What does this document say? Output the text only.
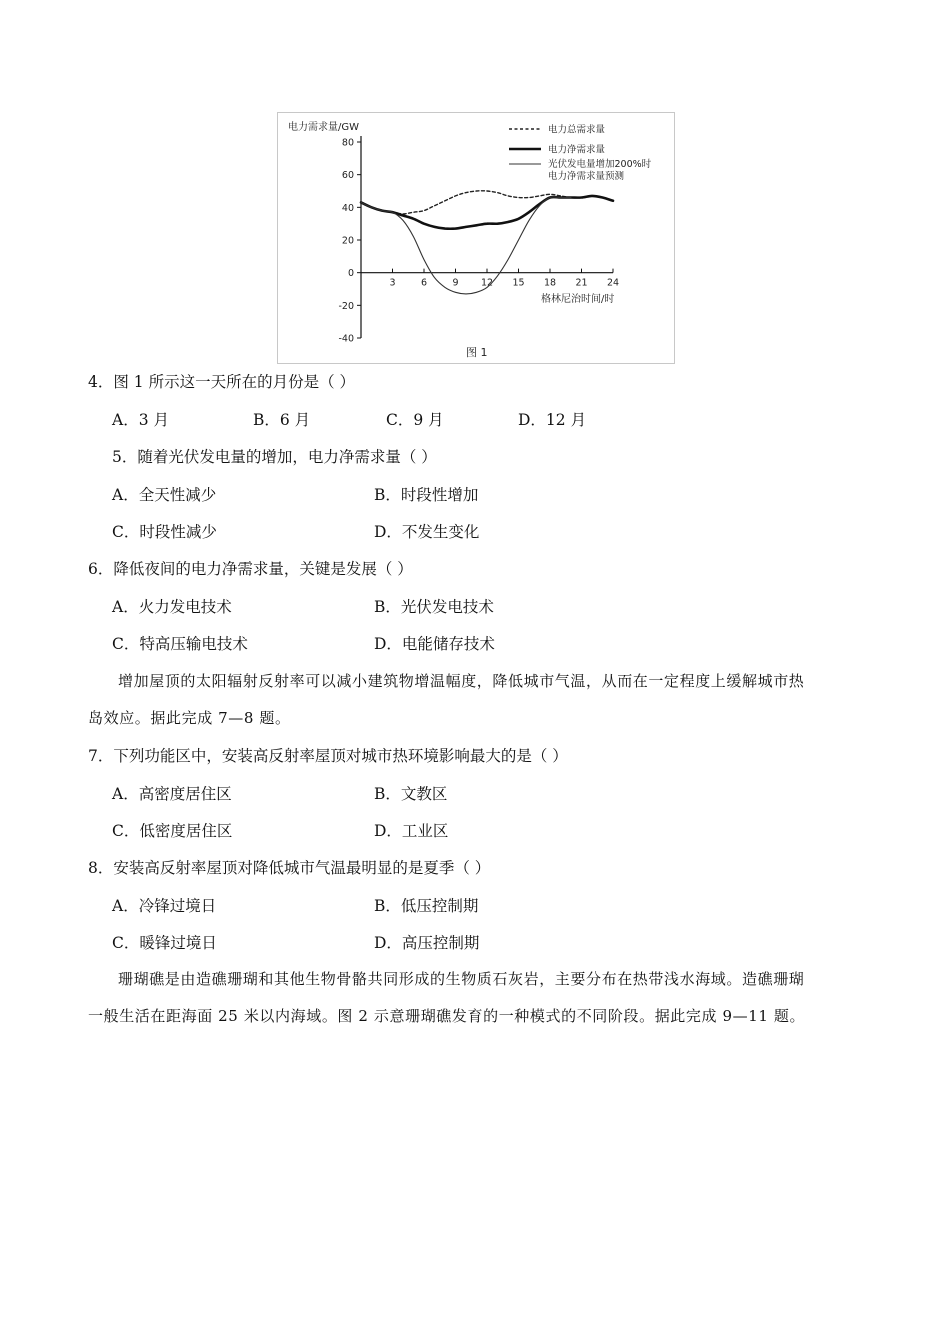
80
60
40
20
0
-20
-40
3	6	9 12 15 18 21 24
电力总需求量
电力净需求量
光伏发电量增加200%时
电力净需求量预测
电力需求量/GW
格林尼治时间/时
图 1
4．图 1 所示这一天所在的月份是（ ）
A．3 月	B．6 月	C．9 月	D．12 月
5．随着光伏发电量的增加，电力净需求量（ ）
A．全天性减少	B．时段性增加
C．时段性减少	D．不发生变化
6．降低夜间的电力净需求量，关键是发展（ ）
A．火力发电技术	B．光伏发电技术
C．特高压输电技术	D．电能储存技术
增加屋顶的太阳辐射反射率可以减小建筑物增温幅度，降低城市气温，从而在一定程度上缓解城市热
岛效应。据此完成 7—8 题。
7．下列功能区中，安装高反射率屋顶对城市热环境影响最大的是（ ）
A．高密度居住区	B．文教区
C．低密度居住区	D．工业区
8．安装高反射率屋顶对降低城市气温最明显的是夏季（ ）
A．冷锋过境日	B．低压控制期
C．暖锋过境日	D．高压控制期
珊瑚礁是由造礁珊瑚和其他生物骨骼共同形成的生物质石灰岩，主要分布在热带浅水海域。造礁珊瑚
一般生活在距海面 25 米以内海域。图 2 示意珊瑚礁发育的一种模式的不同阶段。据此完成 9—11 题。
